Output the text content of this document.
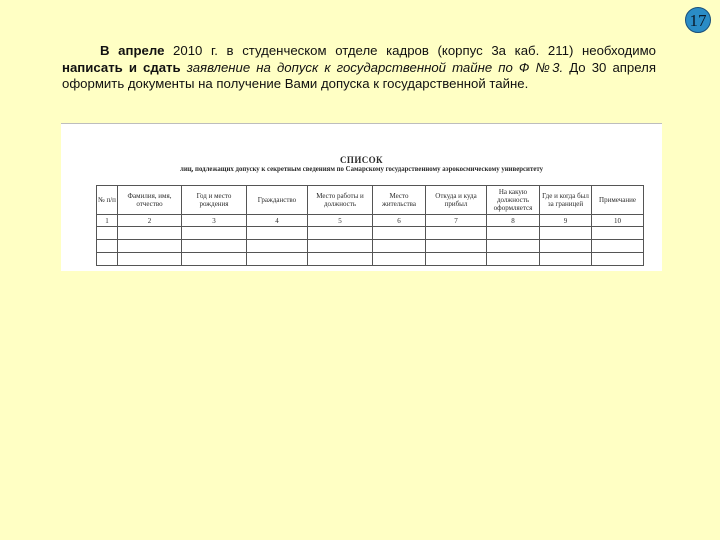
17
В апреле 2010 г. в студенческом отделе кадров (корпус 3а каб. 211) необходимо написать и сдать заявление на допуск к государственной тайне по Ф №3. До 30 апреля оформить документы на получение Вами допуска к государственной тайне.
СПИСОК
лиц, подлежащих допуску к секретным сведениям по Самарскому государственному аэрокосмическому университету
№ п/п	Фамилия, имя, отчество	Год и место рождения	Гражданство	Место работы и должность	Место жительства	Откуда и куда прибыл	На какую должность оформляется	Где и когда был за границей	Примечание
1	2	3	4	5	6	7	8	9	10
